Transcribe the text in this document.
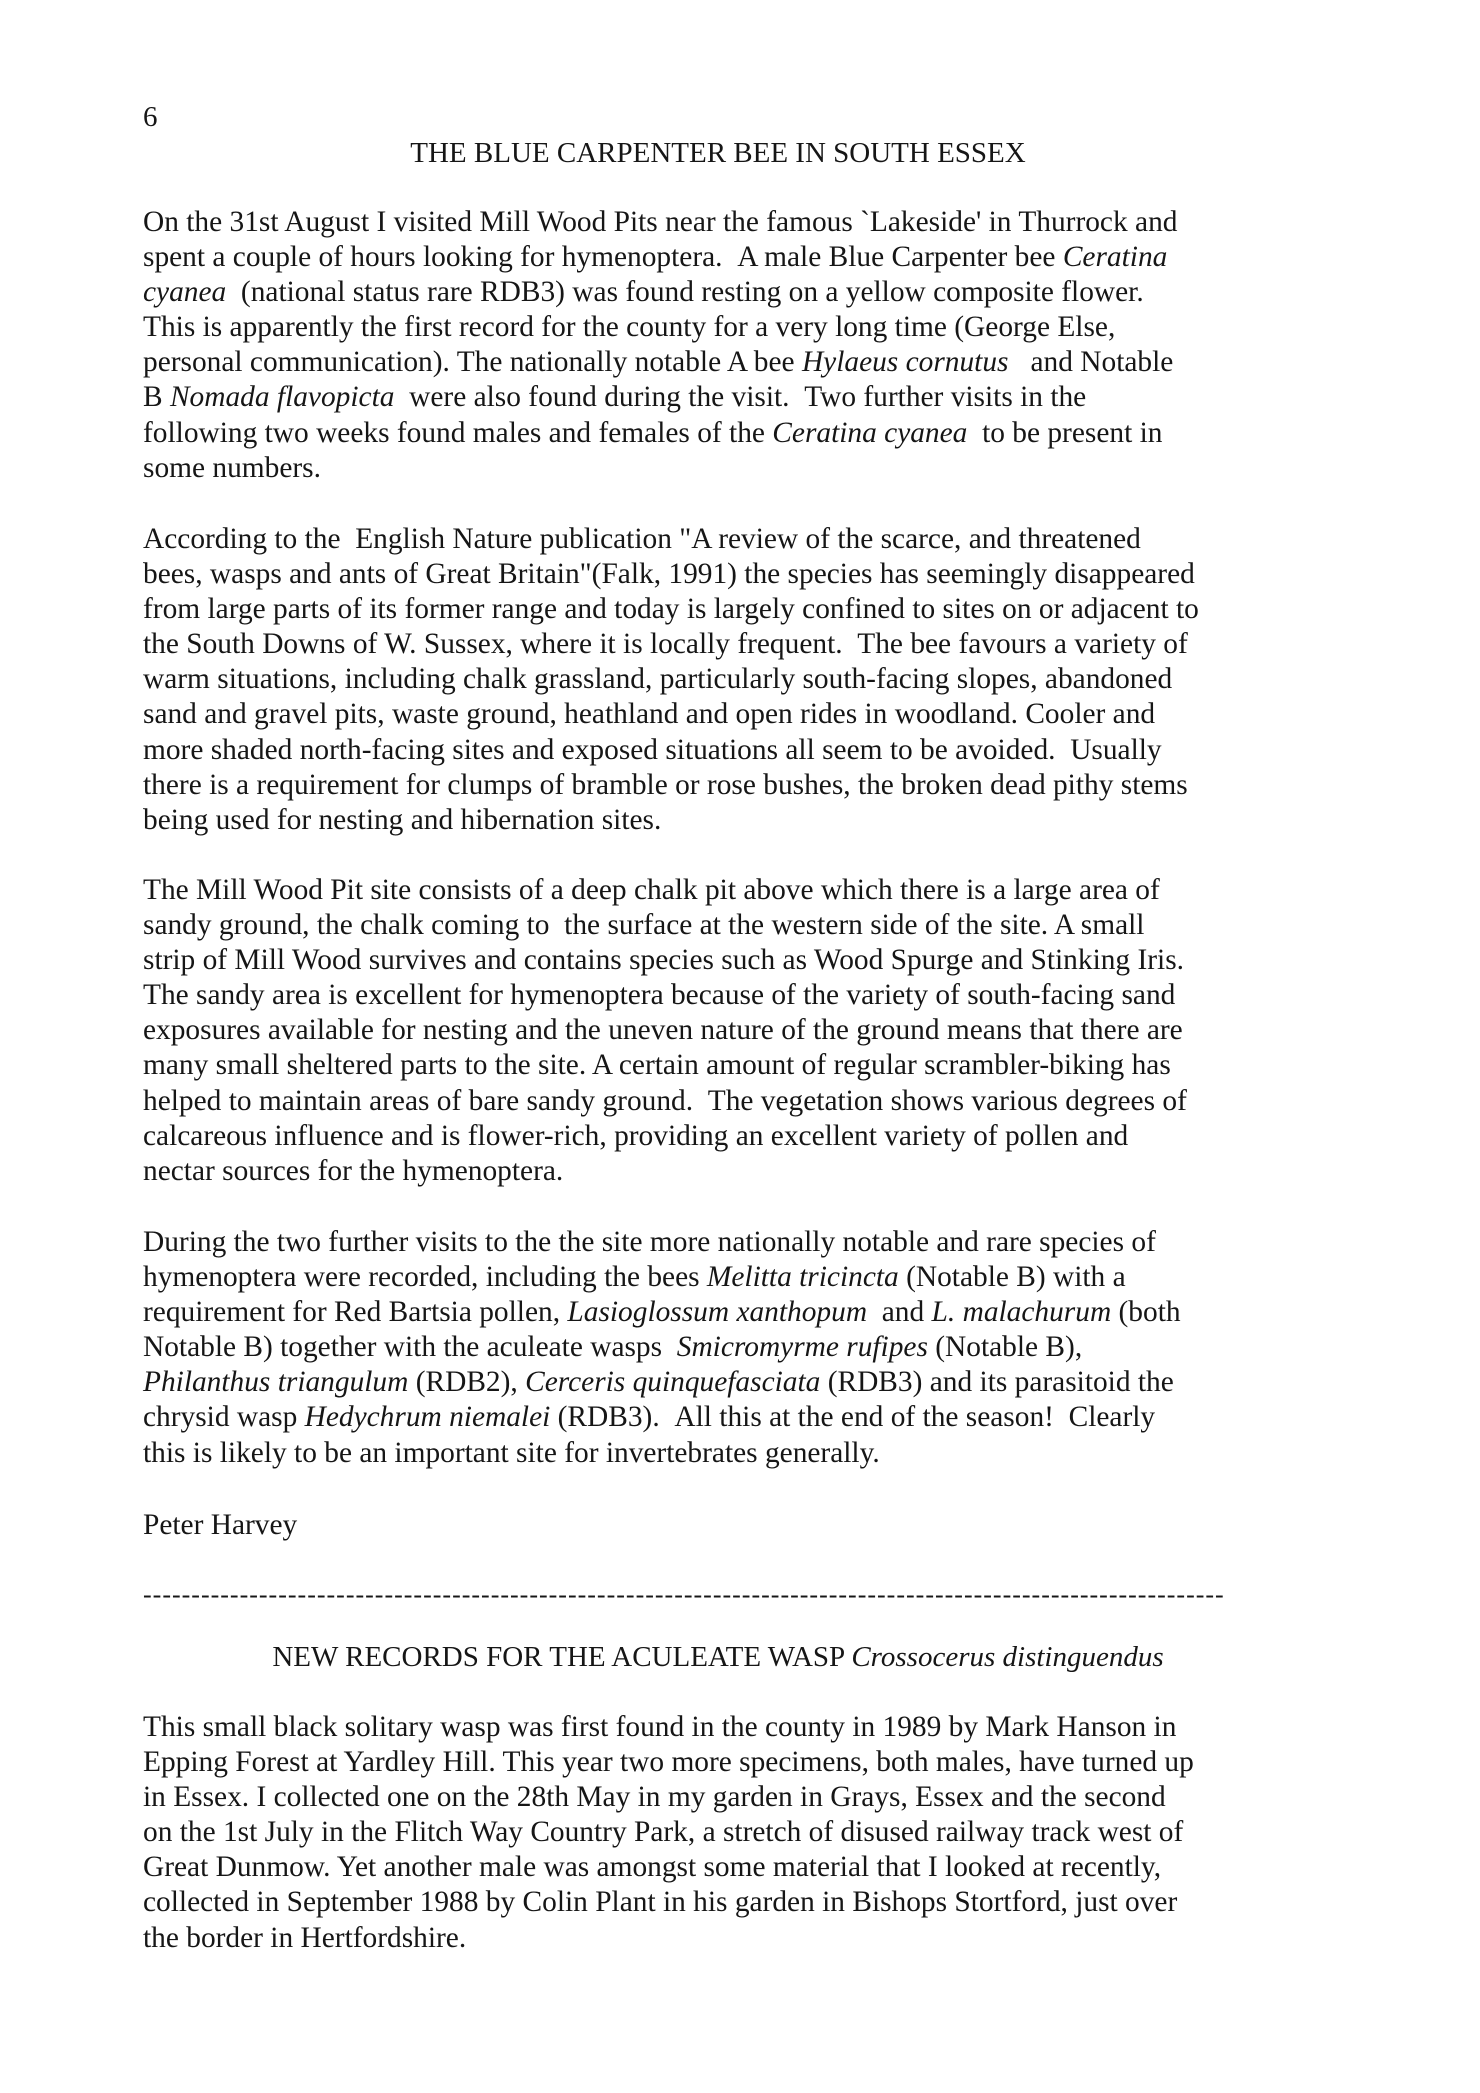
6
THE BLUE CARPENTER BEE IN SOUTH ESSEX
On the 31st August I visited Mill Wood Pits near the famous `Lakeside' in Thurrock and
spent a couple of hours looking for hymenoptera.  A male Blue Carpenter bee Ceratina
cyanea  (national status rare RDB3) was found resting on a yellow composite flower.
This is apparently the first record for the county for a very long time (George Else,
personal communication). The nationally notable A bee Hylaeus cornutus   and Notable
B Nomada flavopicta  were also found during the visit.  Two further visits in the
following two weeks found males and females of the Ceratina cyanea  to be present in
some numbers.
According to the  English Nature publication "A review of the scarce, and threatened
bees, wasps and ants of Great Britain"(Falk, 1991) the species has seemingly disappeared
from large parts of its former range and today is largely confined to sites on or adjacent to
the South Downs of W. Sussex, where it is locally frequent.  The bee favours a variety of
warm situations, including chalk grassland, particularly south-facing slopes, abandoned
sand and gravel pits, waste ground, heathland and open rides in woodland. Cooler and
more shaded north-facing sites and exposed situations all seem to be avoided.  Usually
there is a requirement for clumps of bramble or rose bushes, the broken dead pithy stems
being used for nesting and hibernation sites.
The Mill Wood Pit site consists of a deep chalk pit above which there is a large area of
sandy ground, the chalk coming to  the surface at the western side of the site. A small
strip of Mill Wood survives and contains species such as Wood Spurge and Stinking Iris.
The sandy area is excellent for hymenoptera because of the variety of south-facing sand
exposures available for nesting and the uneven nature of the ground means that there are
many small sheltered parts to the site. A certain amount of regular scrambler-biking has
helped to maintain areas of bare sandy ground.  The vegetation shows various degrees of
calcareous influence and is flower-rich, providing an excellent variety of pollen and
nectar sources for the hymenoptera.
During the two further visits to the the site more nationally notable and rare species of
hymenoptera were recorded, including the bees Melitta tricincta (Notable B) with a
requirement for Red Bartsia pollen, Lasioglossum xanthopum  and L. malachurum (both
Notable B) together with the aculeate wasps  Smicromyrme rufipes (Notable B),
Philanthus triangulum (RDB2), Cerceris quinquefasciata (RDB3) and its parasitoid the
chrysid wasp Hedychrum niemalei (RDB3).  All this at the end of the season!  Clearly
this is likely to be an important site for invertebrates generally.
Peter Harvey
----------------------------------------------------------------------------------------------------------------
NEW RECORDS FOR THE ACULEATE WASP Crossocerus distinguendus
This small black solitary wasp was first found in the county in 1989 by Mark Hanson in
Epping Forest at Yardley Hill. This year two more specimens, both males, have turned up
in Essex. I collected one on the 28th May in my garden in Grays, Essex and the second
on the 1st July in the Flitch Way Country Park, a stretch of disused railway track west of
Great Dunmow. Yet another male was amongst some material that I looked at recently,
collected in September 1988 by Colin Plant in his garden in Bishops Stortford, just over
the border in Hertfordshire.
